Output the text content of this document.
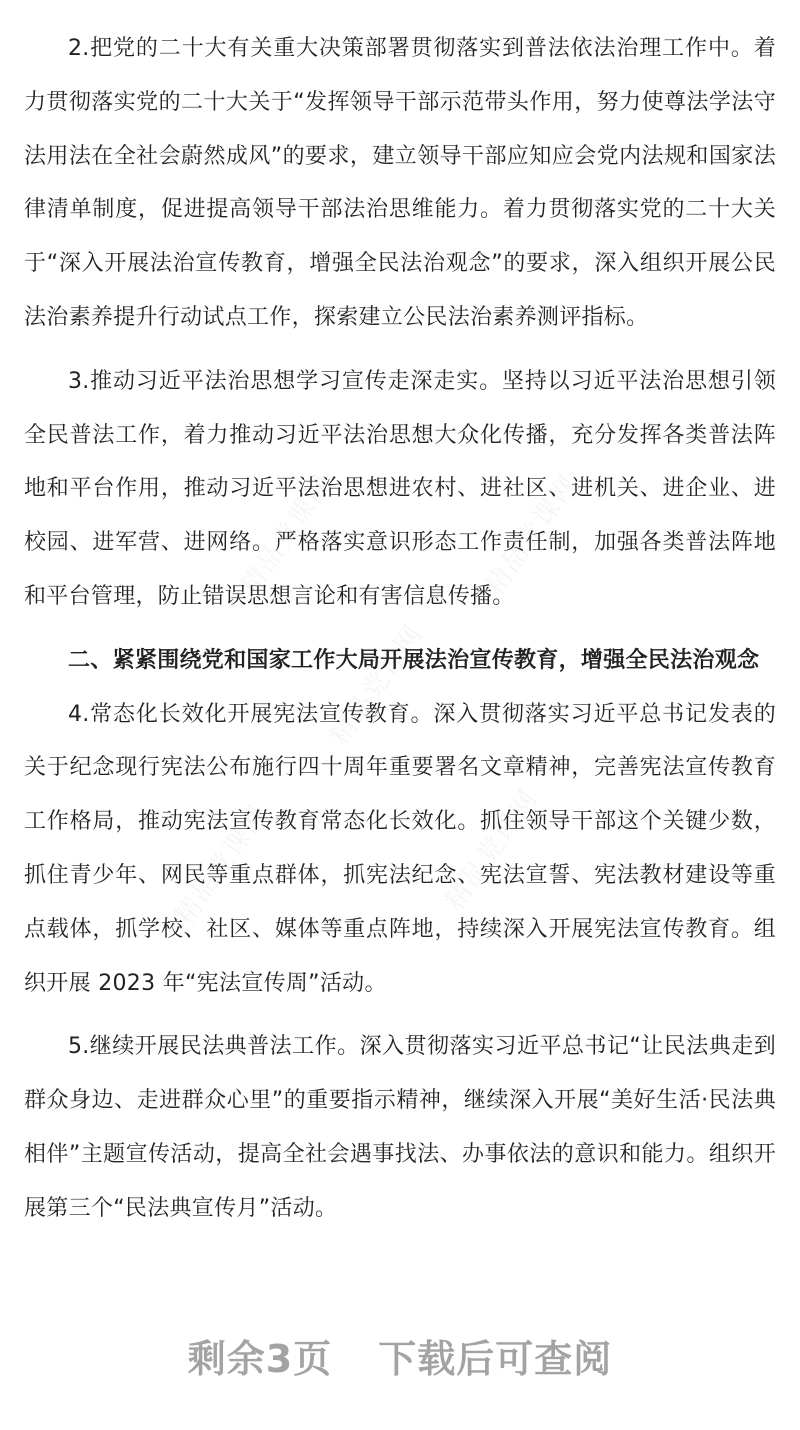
2.把党的二十大有关重大决策部署贯彻落实到普法依法治理工作中。着力贯彻落实党的二十大关于“发挥领导干部示范带头作用，努力使尊法学法守法用法在全社会蔚然成风”的要求，建立领导干部应知应会党内法规和国家法律清单制度，促进提高领导干部法治思维能力。着力贯彻落实党的二十大关于“深入开展法治宣传教育，增强全民法治观念”的要求，深入组织开展公民法治素养提升行动试点工作，探索建立公民法治素养测评指标。

3.推动习近平法治思想学习宣传走深走实。坚持以习近平法治思想引领全民普法工作，着力推动习近平法治思想大众化传播，充分发挥各类普法阵地和平台作用，推动习近平法治思想进农村、进社区、进机关、进企业、进校园、进军营、进网络。严格落实意识形态工作责任制，加强各类普法阵地和平台管理，防止错误思想言论和有害信息传播。

二、紧紧围绕党和国家工作大局开展法治宣传教育，增强全民法治观念

4.常态化长效化开展宪法宣传教育。深入贯彻落实习近平总书记发表的关于纪念现行宪法公布施行四十周年重要署名文章精神，完善宪法宣传教育工作格局，推动宪法宣传教育常态化长效化。抓住领导干部这个关键少数，抓住青少年、网民等重点群体，抓宪法纪念、宪法宣誓、宪法教材建设等重点载体，抓学校、社区、媒体等重点阵地，持续深入开展宪法宣传教育。组织开展 2023 年“宪法宣传周”活动。

5.继续开展民法典普法工作。深入贯彻落实习近平总书记“让民法典走到群众身边、走进群众心里”的重要指示精神，继续深入开展“美好生活·民法典相伴”主题宣传活动，提高全社会遇事找法、办事依法的意识和能力。组织开展第三个“民法典宣传月”活动。

剩余3页 下载后可查阅
